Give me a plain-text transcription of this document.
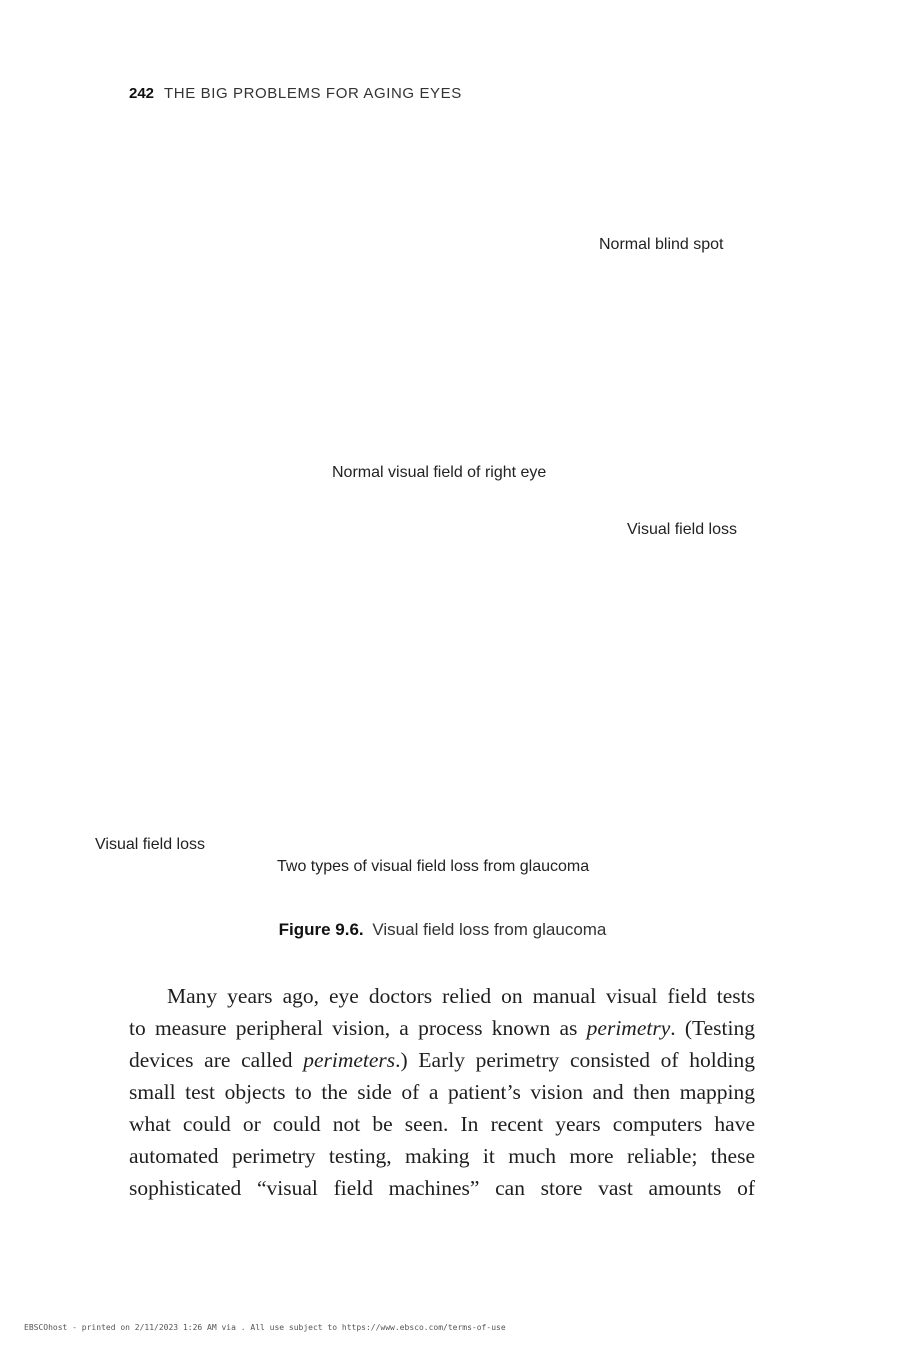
242 THE BIG PROBLEMS FOR AGING EYES
Normal blind spot
Normal visual field of right eye
Visual field loss
Visual field loss
Two types of visual field loss from glaucoma
Figure 9.6. Visual field loss from glaucoma
Many years ago, eye doctors relied on manual visual field tests
to measure peripheral vision, a process known as perimetry. (Testing
devices are called perimeters.) Early perimetry consisted of holding
small test objects to the side of a patient’s vision and then mapping
what could or could not be seen. In recent years computers have
automated perimetry testing, making it much more reliable; these
sophisticated “visual field machines” can store vast amounts of
EBSCOhost - printed on 2/11/2023 1:26 AM via . All use subject to https://www.ebsco.com/terms-of-use
